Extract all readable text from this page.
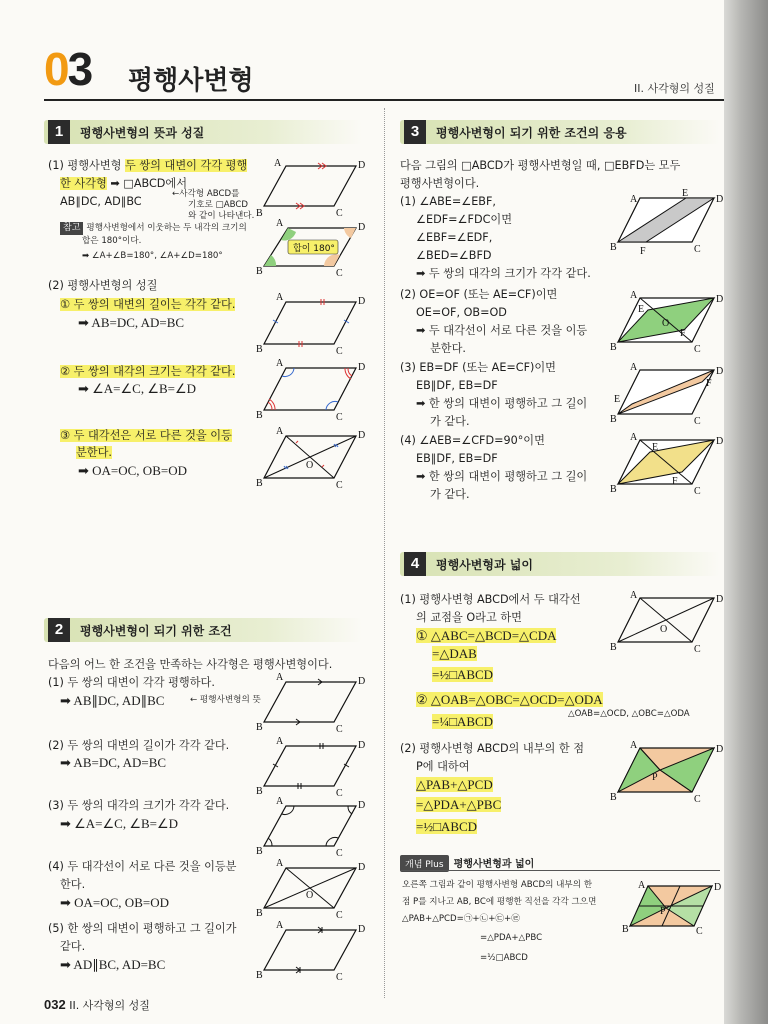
03 평행사변형	II. 사각형의 성질
1	평행사변형의 뜻과 성질
(1) 평행사변형 두 쌍의 대변이 각각 평행
한 사각형 ➡ □ABCD에서
AB∥DC, AD∥BC
←사각형 ABCD를
기호로 □ABCD
와 같이 나타낸다.
참고 평행사변형에서 이웃하는 두 내각의 크기의
합은 180°이다.
➡ ∠A+∠B=180°, ∠A+∠D=180°
A	D
B	C
합이 180°
A	D
B	C
(2) 평행사변형의 성질
① 두 쌍의 대변의 길이는 각각 같다.
➡ AB=DC, AD=BC
A	D
B	C
② 두 쌍의 대각의 크기는 각각 같다.
➡ ∠A=∠C, ∠B=∠D
A	D
B	C
③ 두 대각선은 서로 다른 것을 이등
분한다.
➡ OA=OC, OB=OD
A	D
B	C
O
2	평행사변형이 되기 위한 조건
다음의 어느 한 조건을 만족하는 사각형은 평행사변형이다.
(1) 두 쌍의 대변이 각각 평행하다.
➡ AB∥DC, AD∥BC	← 평행사변형의 뜻
A	D
B	C
(2) 두 쌍의 대변의 길이가 각각 같다.
➡ AB=DC, AD=BC
A	D
B	C
(3) 두 쌍의 대각의 크기가 각각 같다.
➡ ∠A=∠C, ∠B=∠D
A	D
B	C
(4) 두 대각선이 서로 다른 것을 이등분
한다.
➡ OA=OC, OB=OD
A	D
B	C
O
(5) 한 쌍의 대변이 평행하고 그 길이가
같다.
➡ AD∥BC, AD=BC
A	D
B	C
3	평행사변형이 되기 위한 조건의 응용
다음 그림의 □ABCD가 평행사변형일 때, □EBFD는 모두
평행사변형이다.
(1) ∠ABE=∠EBF,
∠EDF=∠FDC이면
∠EBF=∠EDF,
∠BED=∠BFD
➡ 두 쌍의 대각의 크기가 각각 같다.
A	D
B	C
E
F
(2) OE=OF (또는 AE=CF)이면
OE=OF, OB=OD
➡ 두 대각선이 서로 다른 것을 이등
분한다.
A	D
B	C
E
F
O
(3) EB=DF (또는 AE=CF)이면
EB∥DF, EB=DF
➡ 한 쌍의 대변이 평행하고 그 길이
가 같다.
A	D
B	C
E
F
(4) ∠AEB=∠CFD=90°이면
EB∥DF, EB=DF
➡ 한 쌍의 대변이 평행하고 그 길이
가 같다.
A	D
B	C
E
F
4	평행사변형과 넓이
(1) 평행사변형 ABCD에서 두 대각선
의 교점을 O라고 하면
① △ABC=△BCD=△CDA
=△DAB
=½□ABCD
② △OAB=△OBC=△OCD=△ODA
=¼□ABCD	△OAB=△OCD, △OBC=△ODA
A	D
B	C
O
(2) 평행사변형 ABCD의 내부의 한 점
P에 대하여
△PAB+△PCD
=△PDA+△PBC
=½□ABCD
A	D
B	C
P
개념 Plus 평행사변형과 넓이
오른쪽 그림과 같이 평행사변형 ABCD의 내부의 한
점 P를 지나고 AB, BC에 평행한 직선을 각각 그으면
△PAB+△PCD=㉠+㉡+㉢+㉣
=△PDA+△PBC
=½□ABCD
A	D
B	C
P
032 II. 사각형의 성질
